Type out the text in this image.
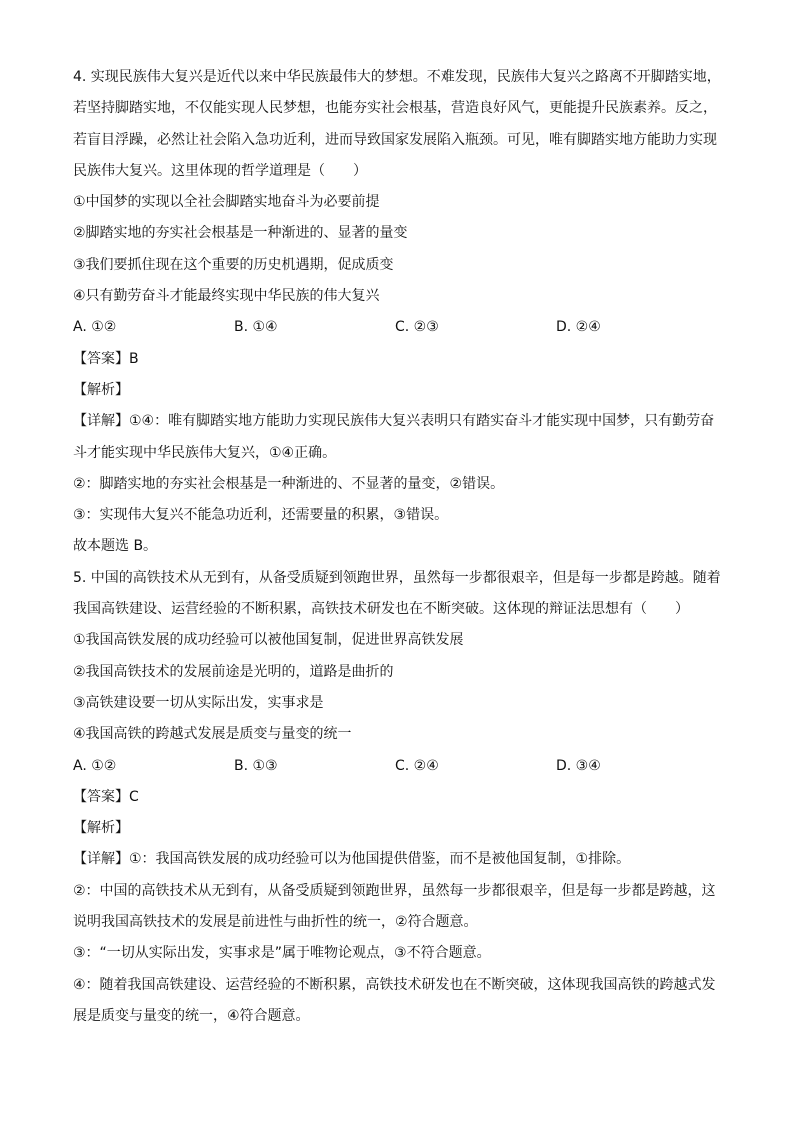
4. 实现民族伟大复兴是近代以来中华民族最伟大的梦想。不难发现，民族伟大复兴之路离不开脚踏实地，
若坚持脚踏实地，不仅能实现人民梦想，也能夯实社会根基，营造良好风气，更能提升民族素养。反之，
若盲目浮躁，必然让社会陷入急功近利，进而导致国家发展陷入瓶颈。可见，唯有脚踏实地方能助力实现
民族伟大复兴。这里体现的哲学道理是（　　）
①中国梦的实现以全社会脚踏实地奋斗为必要前提
②脚踏实地的夯实社会根基是一种渐进的、显著的量变
③我们要抓住现在这个重要的历史机遇期，促成质变
④只有勤劳奋斗才能最终实现中华民族的伟大复兴
A. ①②	B. ①④	C. ②③	D. ②④
【答案】B
【解析】
【详解】①④：唯有脚踏实地方能助力实现民族伟大复兴表明只有踏实奋斗才能实现中国梦，只有勤劳奋
斗才能实现中华民族伟大复兴，①④正确。
②：脚踏实地的夯实社会根基是一种渐进的、不显著的量变，②错误。
③：实现伟大复兴不能急功近利，还需要量的积累，③错误。
故本题选 B。
5. 中国的高铁技术从无到有，从备受质疑到领跑世界，虽然每一步都很艰辛，但是每一步都是跨越。随着
我国高铁建设、运营经验的不断积累，高铁技术研发也在不断突破。这体现的辩证法思想有（　　）
①我国高铁发展的成功经验可以被他国复制，促进世界高铁发展
②我国高铁技术的发展前途是光明的，道路是曲折的
③高铁建设要一切从实际出发，实事求是
④我国高铁的跨越式发展是质变与量变的统一
A. ①②	B. ①③	C. ②④	D. ③④
【答案】C
【解析】
【详解】①：我国高铁发展的成功经验可以为他国提供借鉴，而不是被他国复制，①排除。
②：中国的高铁技术从无到有，从备受质疑到领跑世界，虽然每一步都很艰辛，但是每一步都是跨越，这
说明我国高铁技术的发展是前进性与曲折性的统一，②符合题意。
③：“一切从实际出发，实事求是”属于唯物论观点，③不符合题意。
④：随着我国高铁建设、运营经验的不断积累，高铁技术研发也在不断突破，这体现我国高铁的跨越式发
展是质变与量变的统一，④符合题意。
